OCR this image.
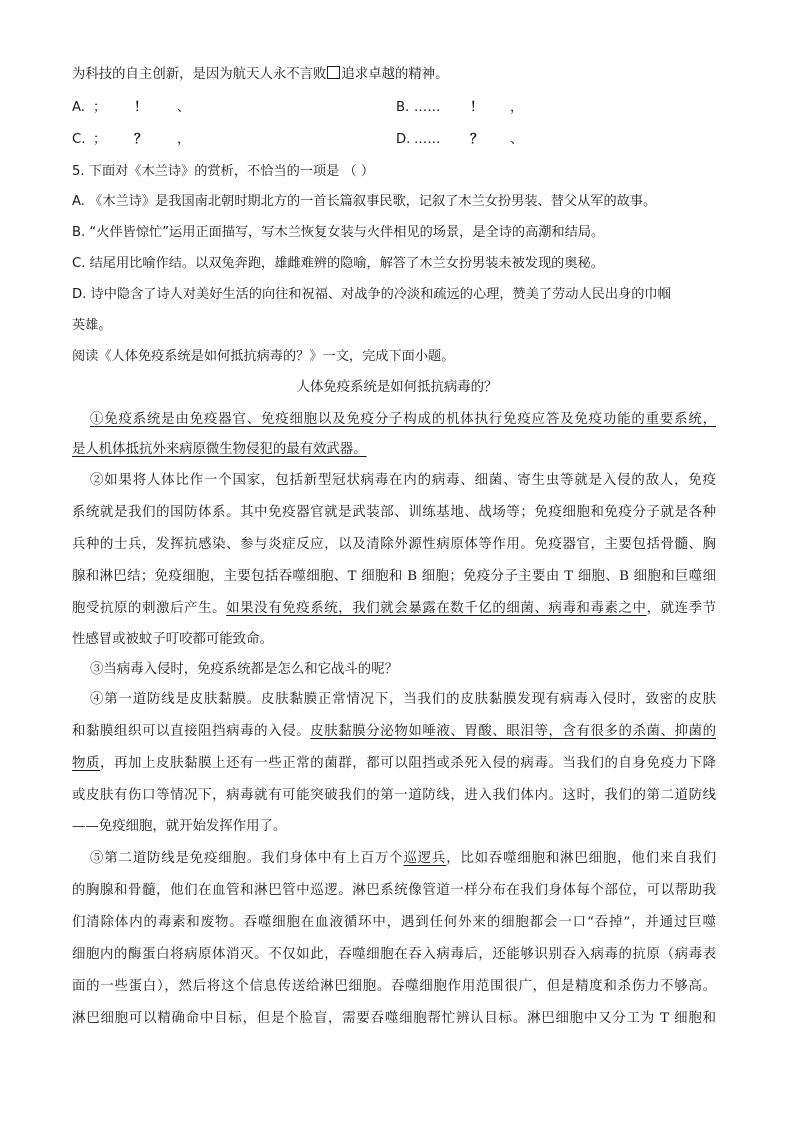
为科技的自主创新，是因为航天人永不言败 追求卓越的精神。
A. ； ！ 、	B. …… ！ ，
C. ； ？ ，	D. …… ？ 、
5. 下面对《木兰诗》的赏析，不恰当的一项是 （ ）
A. 《木兰诗》是我国南北朝时期北方的一首长篇叙事民歌，记叙了木兰女扮男装、替父从军的故事。
B. “火伴皆惊忙”运用正面描写，写木兰恢复女装与火伴相见的场景，是全诗的高潮和结局。
C. 结尾用比喻作结。以双兔奔跑，雄雌难辨的隐喻，解答了木兰女扮男装未被发现的奥秘。
D. 诗中隐含了诗人对美好生活的向往和祝福、对战争的冷淡和疏远的心理，赞美了劳动人民出身的巾帼
英雄。
阅读《人体免疫系统是如何抵抗病毒的？》一文，完成下面小题。
人体免疫系统是如何抵抗病毒的？
①免疫系统是由免疫器官、免疫细胞以及免疫分子构成的机体执行免疫应答及免疫功能的重要系统，
是人机体抵抗外来病原微生物侵犯的最有效武器。
②如果将人体比作一个国家，包括新型冠状病毒在内的病毒、细菌、寄生虫等就是入侵的敌人，免疫
系统就是我们的国防体系。其中免疫器官就是武装部、训练基地、战场等；免疫细胞和免疫分子就是各种
兵种的士兵，发挥抗感染、参与炎症反应，以及清除外源性病原体等作用。免疫器官，主要包括骨髓、胸
腺和淋巴结；免疫细胞，主要包括吞噬细胞、T 细胞和 B 细胞；免疫分子主要由 T 细胞、B 细胞和巨噬细
胞受抗原的刺激后产生。如果没有免疫系统，我们就会暴露在数千亿的细菌、病毒和毒素之中，就连季节
性感冒或被蚊子叮咬都可能致命。
③当病毒入侵时，免疫系统都是怎么和它战斗的呢？
④第一道防线是皮肤黏膜。皮肤黏膜正常情况下，当我们的皮肤黏膜发现有病毒入侵时，致密的皮肤
和黏膜组织可以直接阻挡病毒的入侵。皮肤黏膜分泌物如唾液、胃酸、眼泪等，含有很多的杀菌、抑菌的
物质，再加上皮肤黏膜上还有一些正常的菌群，都可以阻挡或杀死入侵的病毒。当我们的自身免疫力下降
或皮肤有伤口等情况下，病毒就有可能突破我们的第一道防线，进入我们体内。这时，我们的第二道防线
——免疫细胞，就开始发挥作用了。
⑤第二道防线是免疫细胞。我们身体中有上百万个巡逻兵，比如吞噬细胞和淋巴细胞，他们来自我们
的胸腺和骨髓，他们在血管和淋巴管中巡逻。淋巴系统像管道一样分布在我们身体每个部位，可以帮助我
们清除体内的毒素和废物。吞噬细胞在血液循环中，遇到任何外来的细胞都会一口“吞掉”，并通过巨噬
细胞内的酶蛋白将病原体消灭。不仅如此，吞噬细胞在吞入病毒后，还能够识别吞入病毒的抗原（病毒表
面的一些蛋白），然后将这个信息传送给淋巴细胞。吞噬细胞作用范围很广，但是精度和杀伤力不够高。
淋巴细胞可以精确命中目标，但是个脸盲，需要吞噬细胞帮忙辨认目标。淋巴细胞中又分工为 T 细胞和
